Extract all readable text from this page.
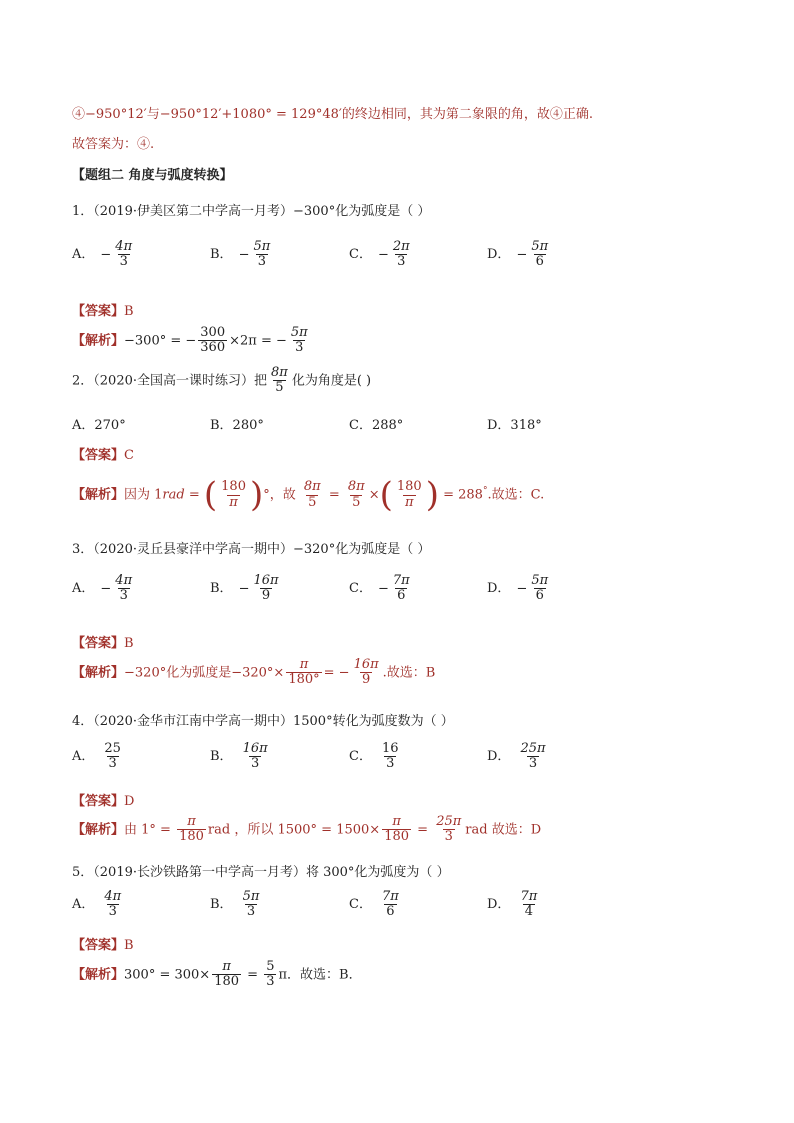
④−950°12′与−950°12′+1080° = 129°48′的终边相同，其为第二象限的角，故④正确.
故答案为：④.
【题组二 角度与弧度转换】
1．（2019·伊美区第二中学高一月考）−300°化为弧度是（ ）
A． − $\frac{4\pi}{3}$	B． − $\frac{5\pi}{3}$	C． − $\frac{2\pi}{3}$	D． − $\frac{5\pi}{6}$
【答案】B
【解析】−300° = − $\frac{300}{360} \times 2\pi$ = − $\frac{5\pi}{3}$
2．（2020·全国高一课时练习）把 $\frac{8\pi}{5}$ 化为角度是( )
A．270°	B．280°	C．288°	D．318°
【答案】C
【解析】因为 1rad = ( $\frac{180}{\pi}$ )°，故 $\frac{8\pi}{5} = \frac{8\pi}{5}$ ×( $\frac{180}{\pi}$ ) = 288°.故选：C.
3．（2020·灵丘县豪洋中学高一期中）−320°化为弧度是（ ）
A． − $\frac{4\pi}{3}$	B． − $\frac{16\pi}{9}$	C． − $\frac{7\pi}{6}$	D． − $\frac{5\pi}{6}$
【答案】B
【解析】−320°化为弧度是$-320^\circ\times \frac{\pi}{180^\circ}$ = − $\frac{16\pi}{9}$ .故选：B
4．（2020·金华市江南中学高一期中）1500°转化为弧度数为（ ）
A． $\frac{25}{3}$	B． $\frac{16\pi}{3}$	C． $\frac{16}{3}$	D． $\frac{25\pi}{3}$
【答案】D
【解析】由 $1^\circ = \frac{\pi}{180}$ rad ，所以 $1500^\circ = 1500\times \frac{\pi}{180} = \frac{25\pi}{3}$ rad 故选：D
5．（2019·长沙铁路第一中学高一月考）将 300°化为弧度为（ ）
A． $\frac{4\pi}{3}$	B． $\frac{5\pi}{3}$	C． $\frac{7\pi}{6}$	D． $\frac{7\pi}{4}$
【答案】B
【解析】$300^\circ = 300\times \frac{\pi}{180} = \frac{5}{3}$ π．故选：B．
